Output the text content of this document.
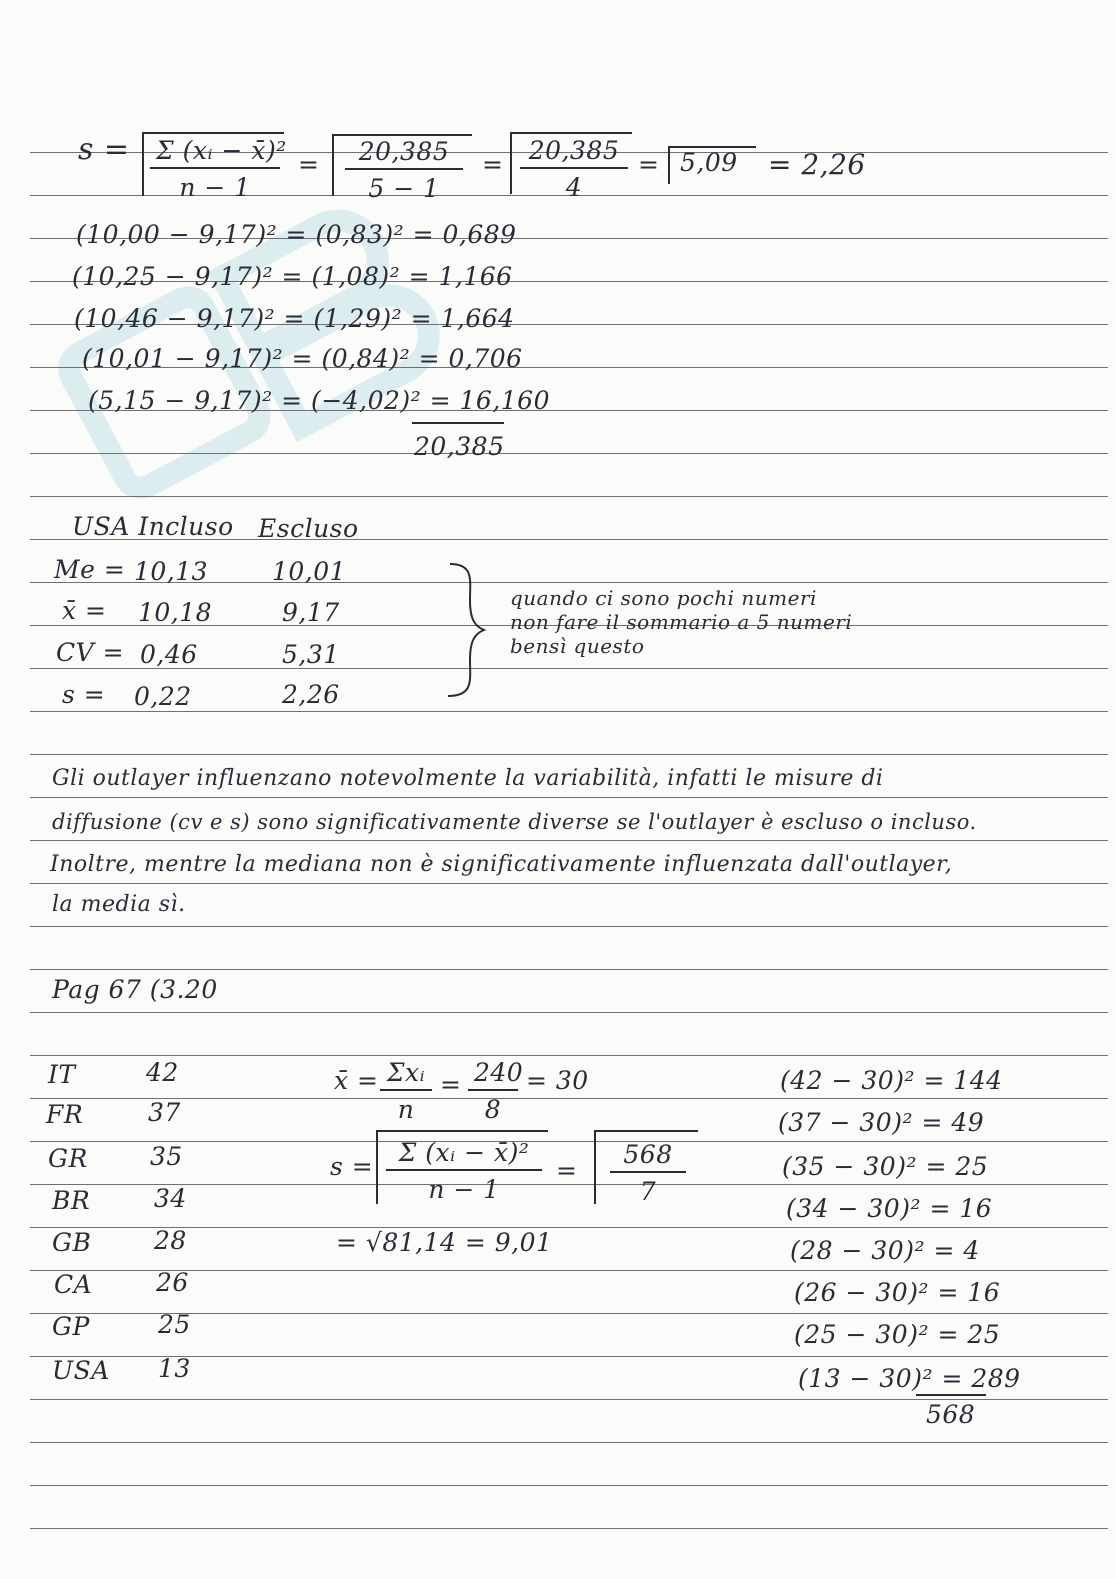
$s = \frac{\text{Σ (xᵢ − x̄)²}}{n - 1} = \frac{20,385}{5 - 1} = \frac{20,385}{4} = 5,09 = 2,26$
(10,00 − 9,17)² = (0,83)² = 0,689
(10,25 − 9,17)² = (1,08)² = 1,166
(10,46 − 9,17)² = (1,29)² = 1,664
(10,01 − 9,17)² = (0,84)² = 0,706
(5,15 − 9,17)² = (−4,02)² = 16,160
20,385
USA Incluso Escluso
Me = 10,13	10,01
x̄ = 10,18	9,17
CV = 0,46	5,31
s = 0,22	2,26
quando ci sono pochi numeri
non fare il sommario a 5 numeri
bensì questo
Gli outlayer influenzano notevolmente la variabilità, infatti le misure di
diffusione (cv e s) sono significativamente diverse se l'outlayer è escluso o incluso.
Inoltre, mentre la mediana non è significativamente influenzata dall'outlayer,
la media sì.
Pag 67 (3.20
IT	42
FR	37
GR 35
BR	34
GB	28
CA	26
GP	25
USA 13
x̄ = Σxᵢ
n
= $\frac{240}{8} = 30$
$s = \frac{\text{Σ (xᵢ − x̄)²}}{n - 1} = \frac{568}{7}$
= √81,14 = 9,01
(42 − 30)² = 144
(37 − 30)² = 49
(35 − 30)² = 25
(34 − 30)² = 16
(28 − 30)² = 4
(26 − 30)² = 16
(25 − 30)² = 25
(13 − 30)² = 289
568
